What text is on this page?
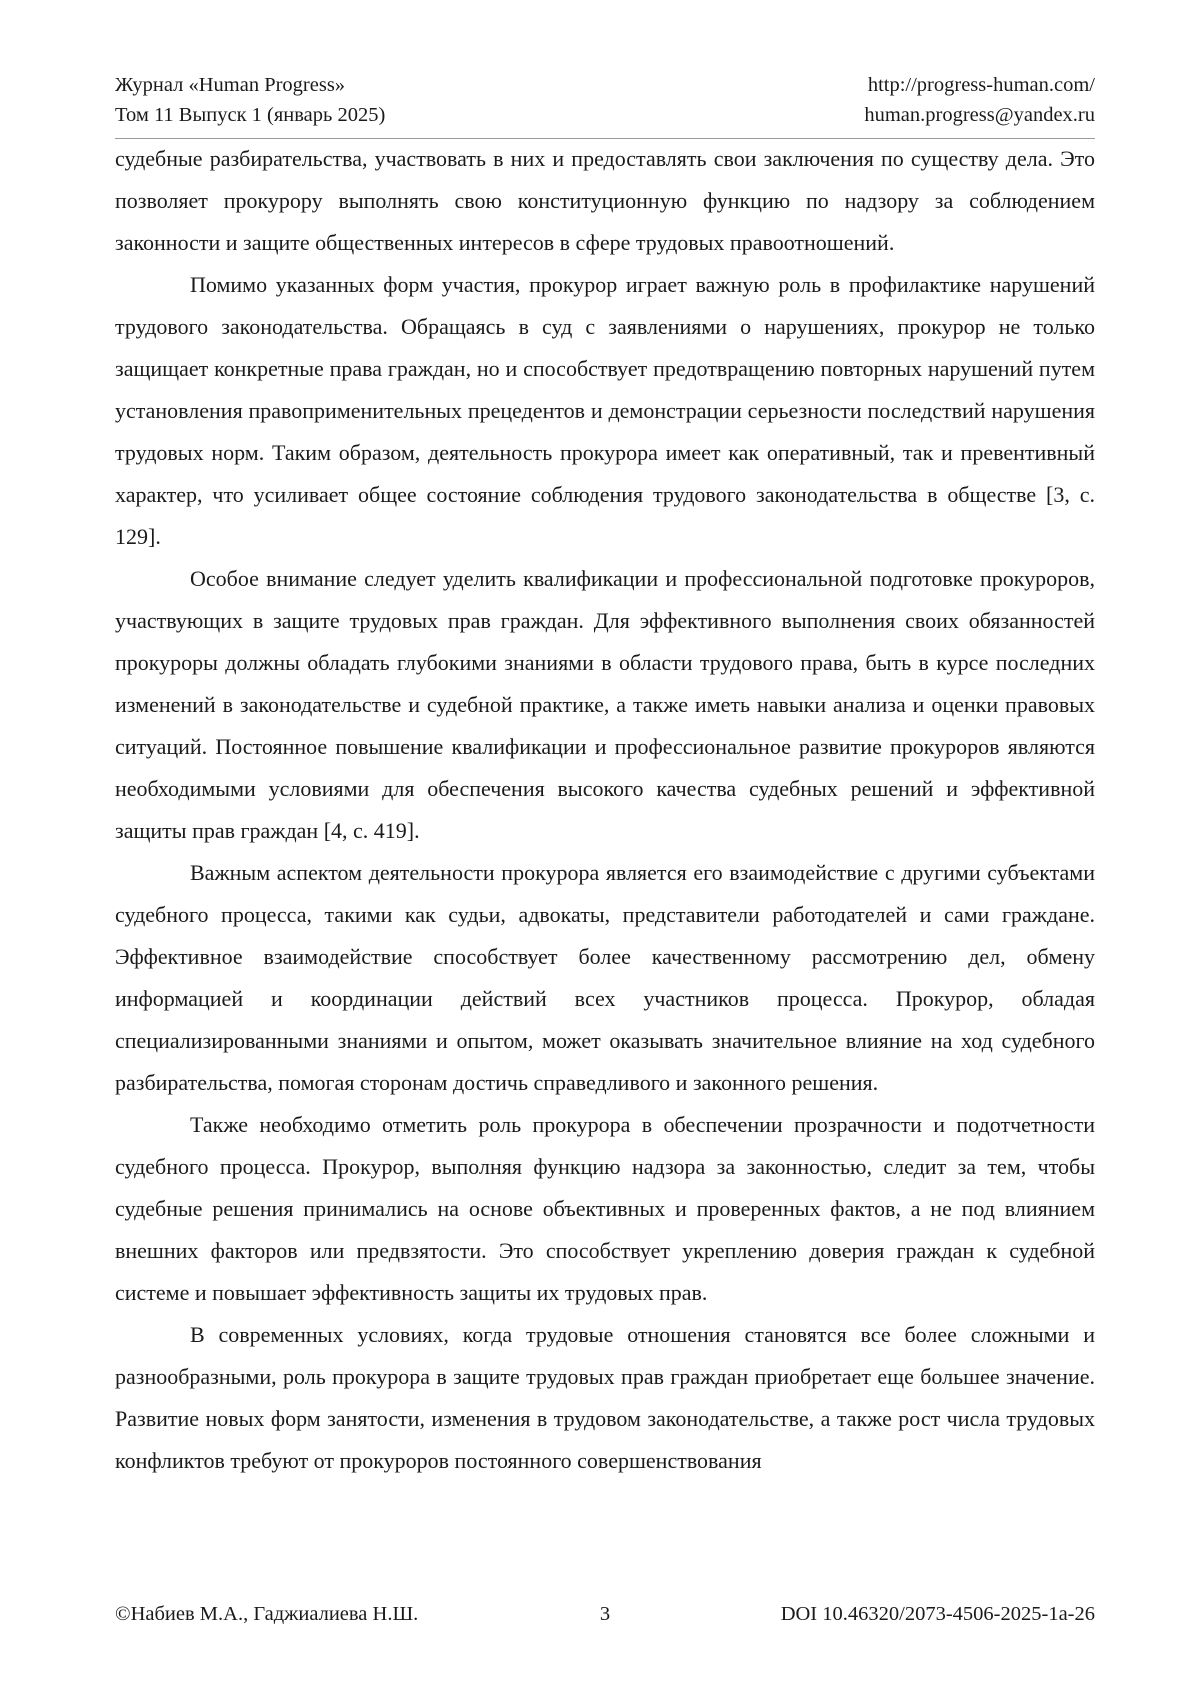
Журнал «Human Progress»	http://progress-human.com/
Том 11 Выпуск 1 (январь 2025)	human.progress@yandex.ru

судебные разбирательства, участвовать в них и предоставлять свои заключения по существу дела. Это позволяет прокурору выполнять свою конституционную функцию по надзору за соблюдением законности и защите общественных интересов в сфере трудовых правоотношений.

Помимо указанных форм участия, прокурор играет важную роль в профилактике нарушений трудового законодательства. Обращаясь в суд с заявлениями о нарушениях, прокурор не только защищает конкретные права граждан, но и способствует предотвращению повторных нарушений путем установления правоприменительных прецедентов и демонстрации серьезности последствий нарушения трудовых норм. Таким образом, деятельность прокурора имеет как оперативный, так и превентивный характер, что усиливает общее состояние соблюдения трудового законодательства в обществе [3, с. 129].

Особое внимание следует уделить квалификации и профессиональной подготовке прокуроров, участвующих в защите трудовых прав граждан. Для эффективного выполнения своих обязанностей прокуроры должны обладать глубокими знаниями в области трудового права, быть в курсе последних изменений в законодательстве и судебной практике, а также иметь навыки анализа и оценки правовых ситуаций. Постоянное повышение квалификации и профессиональное развитие прокуроров являются необходимыми условиями для обеспечения высокого качества судебных решений и эффективной защиты прав граждан [4, с. 419].

Важным аспектом деятельности прокурора является его взаимодействие с другими субъектами судебного процесса, такими как судьи, адвокаты, представители работодателей и сами граждане. Эффективное взаимодействие способствует более качественному рассмотрению дел, обмену информацией и координации действий всех участников процесса. Прокурор, обладая специализированными знаниями и опытом, может оказывать значительное влияние на ход судебного разбирательства, помогая сторонам достичь справедливого и законного решения.

Также необходимо отметить роль прокурора в обеспечении прозрачности и подотчетности судебного процесса. Прокурор, выполняя функцию надзора за законностью, следит за тем, чтобы судебные решения принимались на основе объективных и проверенных фактов, а не под влиянием внешних факторов или предвзятости. Это способствует укреплению доверия граждан к судебной системе и повышает эффективность защиты их трудовых прав.

В современных условиях, когда трудовые отношения становятся все более сложными и разнообразными, роль прокурора в защите трудовых прав граждан приобретает еще большее значение. Развитие новых форм занятости, изменения в трудовом законодательстве, а также рост числа трудовых конфликтов требуют от прокуроров постоянного совершенствования

©Набиев М.А., Гаджиалиева Н.Ш.	3	DOI 10.46320/2073-4506-2025-1а-26
